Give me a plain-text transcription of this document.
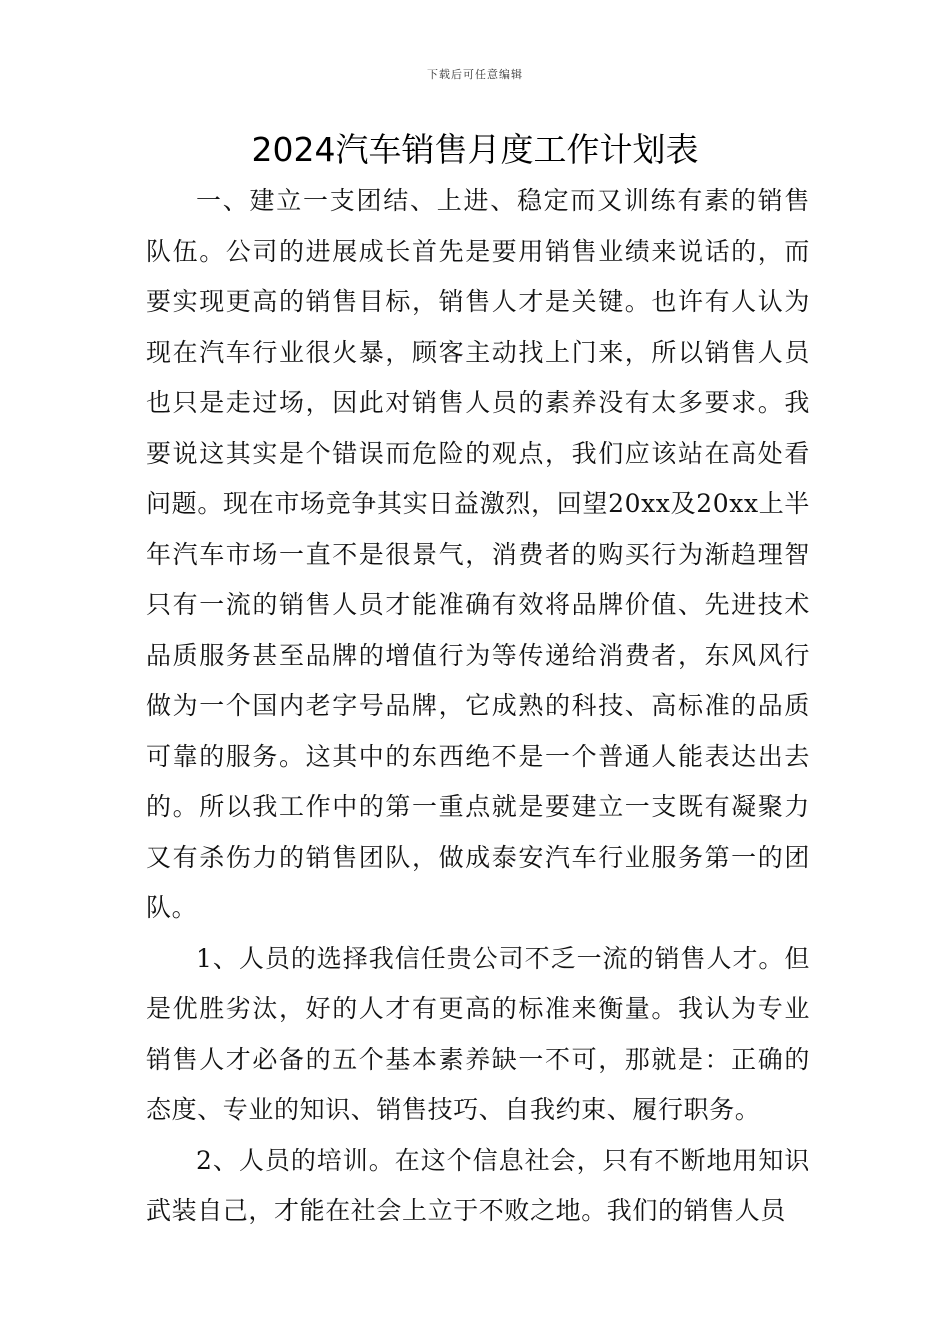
下载后可任意编辑
2024汽车销售月度工作计划表

一、建立一支团结、上进、稳定而又训练有素的销售队伍。公司的进展成长首先是要用销售业绩来说话的，而要实现更高的销售目标，销售人才是关键。也许有人认为现在汽车行业很火暴，顾客主动找上门来，所以销售人员也只是走过场，因此对销售人员的素养没有太多要求。我要说这其实是个错误而危险的观点，我们应该站在高处看问题。现在市场竞争其实日益激烈，回望20xx及20xx上半年汽车市场一直不是很景气，消费者的购买行为渐趋理智只有一流的销售人员才能准确有效将品牌价值、先进技术品质服务甚至品牌的增值行为等传递给消费者，东风风行做为一个国内老字号品牌，它成熟的科技、高标准的品质可靠的服务。这其中的东西绝不是一个普通人能表达出去的。所以我工作中的第一重点就是要建立一支既有凝聚力又有杀伤力的销售团队，做成泰安汽车行业服务第一的团队。

1、人员的选择我信任贵公司不乏一流的销售人才。但是优胜劣汰，好的人才有更高的标准来衡量。我认为专业销售人才必备的五个基本素养缺一不可，那就是：正确的态度、专业的知识、销售技巧、自我约束、履行职务。

2、人员的培训。在这个信息社会，只有不断地用知识武装自己，才能在社会上立于不败之地。我们的销售人员
